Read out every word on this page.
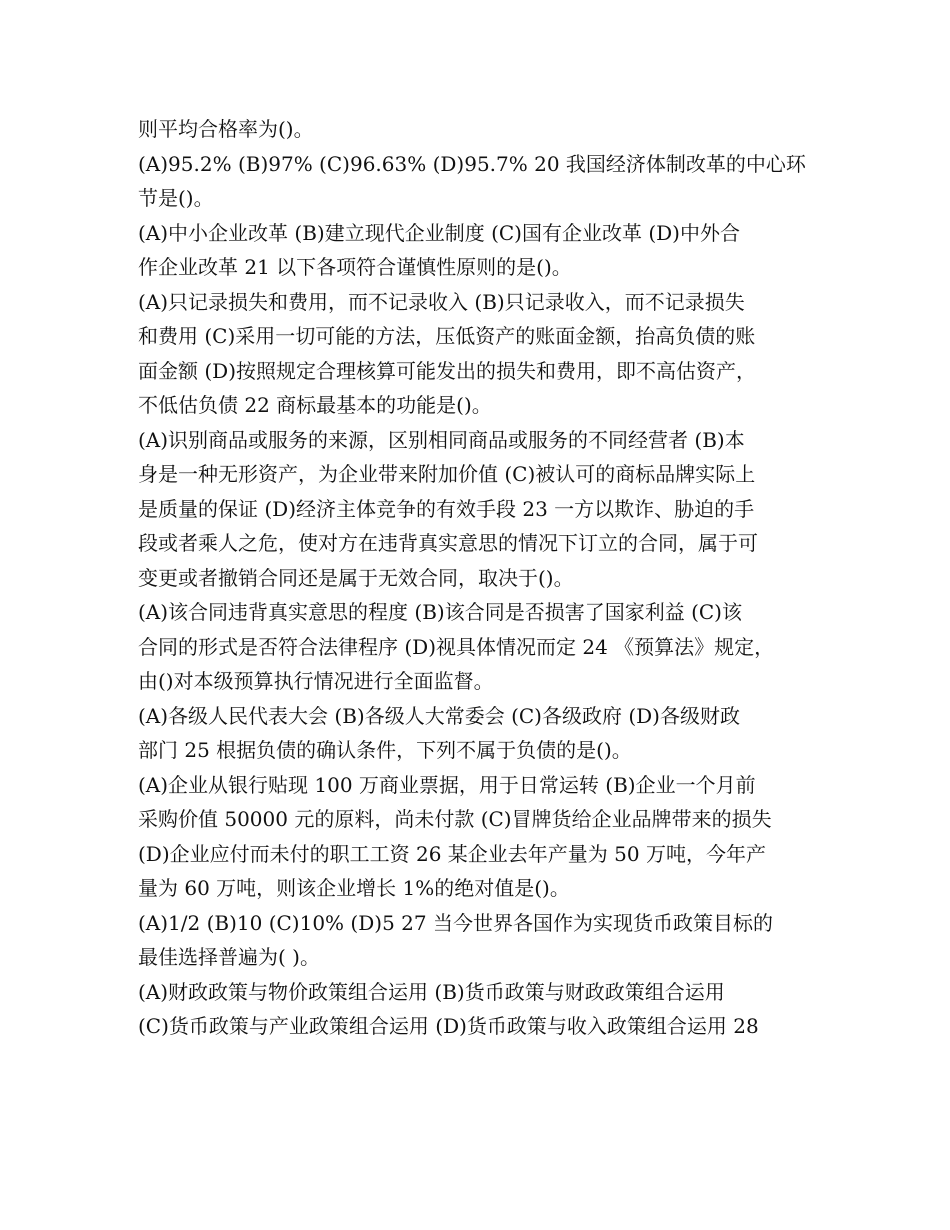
则平均合格率为()。
(A)95.2% (B)97% (C)96.63% (D)95.7% 20 我国经济体制改革的中心环
节是()。
(A)中小企业改革 (B)建立现代企业制度 (C)国有企业改革 (D)中外合
作企业改革 21 以下各项符合谨慎性原则的是()。
(A)只记录损失和费用，而不记录收入 (B)只记录收入，而不记录损失
和费用 (C)采用一切可能的方法，压低资产的账面金额，抬高负债的账
面金额 (D)按照规定合理核算可能发出的损失和费用，即不高估资产，
不低估负债 22 商标最基本的功能是()。
(A)识别商品或服务的来源，区别相同商品或服务的不同经营者 (B)本
身是一种无形资产，为企业带来附加价值 (C)被认可的商标品牌实际上
是质量的保证 (D)经济主体竞争的有效手段 23 一方以欺诈、胁迫的手
段或者乘人之危，使对方在违背真实意思的情况下订立的合同，属于可
变更或者撤销合同还是属于无效合同，取决于()。
(A)该合同违背真实意思的程度 (B)该合同是否损害了国家利益 (C)该
合同的形式是否符合法律程序 (D)视具体情况而定 24 《预算法》规定，
由()对本级预算执行情况进行全面监督。
(A)各级人民代表大会 (B)各级人大常委会 (C)各级政府 (D)各级财政
部门 25 根据负债的确认条件，下列不属于负债的是()。
(A)企业从银行贴现 100 万商业票据，用于日常运转 (B)企业一个月前
采购价值 50000 元的原料，尚未付款 (C)冒牌货给企业品牌带来的损失
(D)企业应付而未付的职工工资 26 某企业去年产量为 50 万吨，今年产
量为 60 万吨，则该企业增长 1%的绝对值是()。
(A)1/2 (B)10 (C)10% (D)5 27 当今世界各国作为实现货币政策目标的
最佳选择普遍为( )。
(A)财政政策与物价政策组合运用 (B)货币政策与财政政策组合运用
(C)货币政策与产业政策组合运用 (D)货币政策与收入政策组合运用 28
